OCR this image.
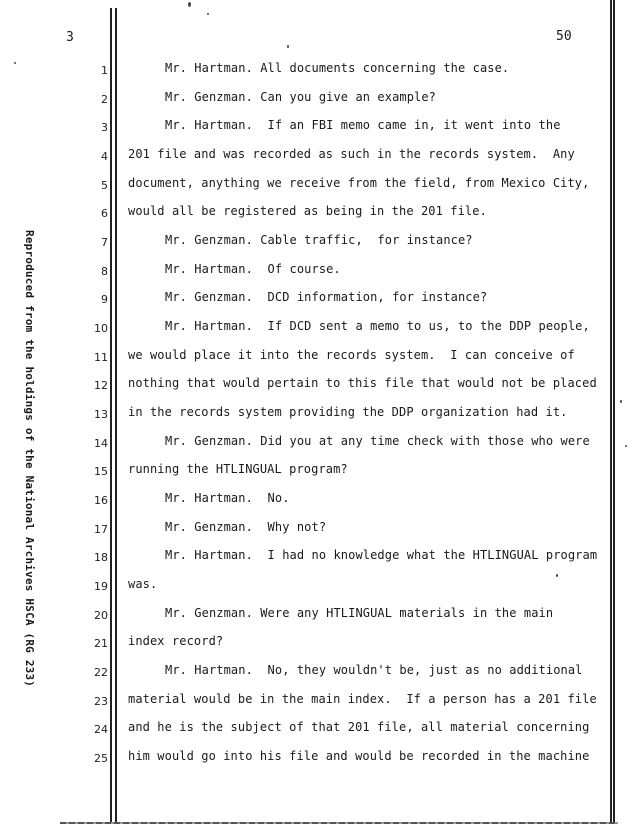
3	50
Reproduced from the holdings of the National Archives HSCA (RG 233)
1
2
3
4
5
6
7
8
9
10
11
12
13
14
15
16
17
18
19
20
21
22
23
24
25
Mr. Hartman. All documents concerning the case.
Mr. Genzman. Can you give an example?
Mr. Hartman.  If an FBI memo came in, it went into the
201 file and was recorded as such in the records system.  Any
document, anything we receive from the field, from Mexico City,
would all be registered as being in the 201 file.
Mr. Genzman. Cable traffic,  for instance?
Mr. Hartman.  Of course.
Mr. Genzman.  DCD information, for instance?
Mr. Hartman.  If DCD sent a memo to us, to the DDP people,
we would place it into the records system.  I can conceive of
nothing that would pertain to this file that would not be placed
in the records system providing the DDP organization had it.
Mr. Genzman. Did you at any time check with those who were
running the HTLINGUAL program?
Mr. Hartman.  No.
Mr. Genzman.  Why not?
Mr. Hartman.  I had no knowledge what the HTLINGUAL program
was.
Mr. Genzman. Were any HTLINGUAL materials in the main
index record?
Mr. Hartman.  No, they wouldn't be, just as no additional
material would be in the main index.  If a person has a 201 file
and he is the subject of that 201 file, all material concerning
him would go into his file and would be recorded in the machine
